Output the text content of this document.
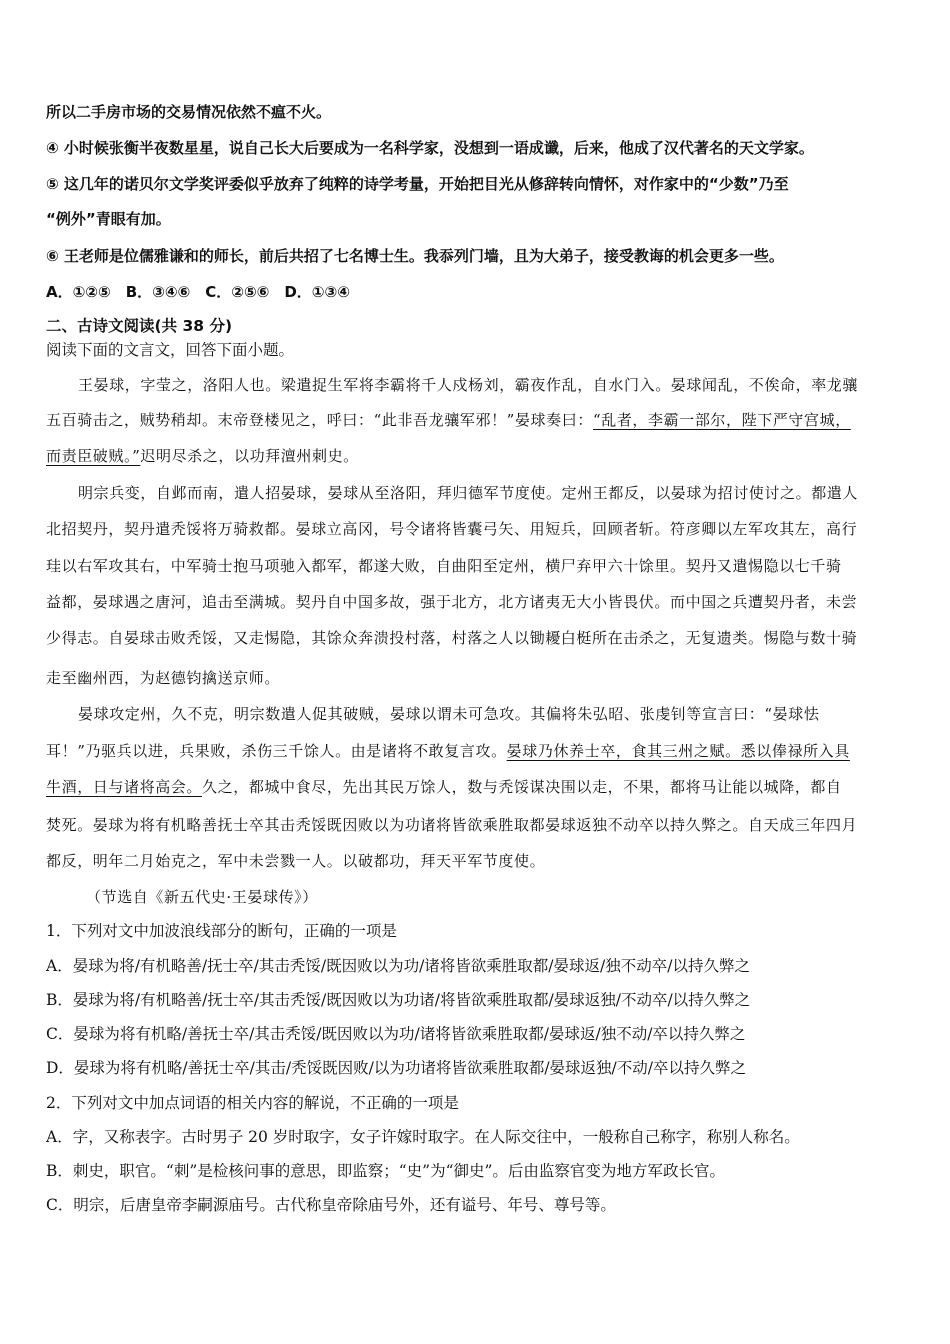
所以二手房市场的交易情况依然不瘟不火。
④ 小时候张衡半夜数星星，说自己长大后要成为一名科学家，没想到一语成谶，后来，他成了汉代著名的天文学家。
⑤ 这几年的诺贝尔文学奖评委似乎放弃了纯粹的诗学考量，开始把目光从修辞转向情怀，对作家中的“少数”乃至
“例外”青眼有加。
⑥ 王老师是位儒雅谦和的师长，前后共招了七名博士生。我忝列门墙，且为大弟子，接受教诲的机会更多一些。
A．①②⑤　B．③④⑥　C．②⑤⑥　D．①③④
二、古诗文阅读(共 38 分)
阅读下面的文言文，回答下面小题。
王晏球，字莹之，洛阳人也。梁遣捉生军将李霸将千人戍杨刘，霸夜作乱，自水门入。晏球闻乱，不俟命，率龙骧
五百骑击之，贼势稍却。末帝登楼见之，呼曰：“此非吾龙骧军邪！”晏球奏曰：“乱者，李霸一部尔，陛下严守宫城，
而责臣破贼。”迟明尽杀之，以功拜澶州刺史。
明宗兵变，自邺而南，遣人招晏球，晏球从至洛阳，拜归德军节度使。定州王都反，以晏球为招讨使讨之。都遣人
北招契丹，契丹遣秃馁将万骑救都。晏球立高冈，号令诸将皆囊弓矢、用短兵，回顾者斩。符彦卿以左军攻其左，高行
珪以右军攻其右，中军骑士抱马项驰入都军，都遂大败，自曲阳至定州，横尸弃甲六十馀里。契丹又遣惕隐以七千骑
益都，晏球遇之唐河，追击至满城。契丹自中国多故，强于北方，北方诸夷无大小皆畏伏。而中国之兵遭契丹者，未尝
少得志。自晏球击败秃馁，又走惕隐，其馀众奔溃投村落，村落之人以锄耰白梃所在击杀之，无复遗类。惕隐与数十骑
走至幽州西，为赵德钧擒送京师。
晏球攻定州，久不克，明宗数遣人促其破贼，晏球以谓未可急攻。其偏将朱弘昭、张虔钊等宣言曰：“晏球怯
耳！”乃驱兵以进，兵果败，杀伤三千馀人。由是诸将不敢复言攻。晏球乃休养士卒，食其三州之赋。悉以俸禄所入具
牛酒，日与诸将高会。久之，都城中食尽，先出其民万馀人，数与秃馁谋决围以走，不果，都将马让能以城降，都自
焚死。晏球为将有机略善抚士卒其击秃馁既因败以为功诸将皆欲乘胜取都晏球返独不动卒以持久弊之。自天成三年四月
都反，明年二月始克之，军中未尝戮一人。以破都功，拜天平军节度使。
（节选自《新五代史·王晏球传》）
1．下列对文中加波浪线部分的断句，正确的一项是
A．晏球为将/有机略善/抚士卒/其击秃馁/既因败以为功/诸将皆欲乘胜取都/晏球返/独不动卒/以持久弊之
B．晏球为将/有机略善/抚士卒/其击秃馁/既因败以为功诸/将皆欲乘胜取都/晏球返独/不动卒/以持久弊之
C．晏球为将有机略/善抚士卒/其击秃馁/既因败以为功/诸将皆欲乘胜取都/晏球返/独不动/卒以持久弊之
D．晏球为将有机略/善抚士卒/其击/秃馁既因败/以为功诸将皆欲乘胜取都/晏球返独/不动/卒以持久弊之
2．下列对文中加点词语的相关内容的解说，不正确的一项是
A．字，又称表字。古时男子 20 岁时取字，女子许嫁时取字。在人际交往中，一般称自己称字，称别人称名。
B．刺史，职官。“刺”是检核问事的意思，即监察；“史”为“御史”。后由监察官变为地方军政长官。
C．明宗，后唐皇帝李嗣源庙号。古代称皇帝除庙号外，还有谥号、年号、尊号等。
